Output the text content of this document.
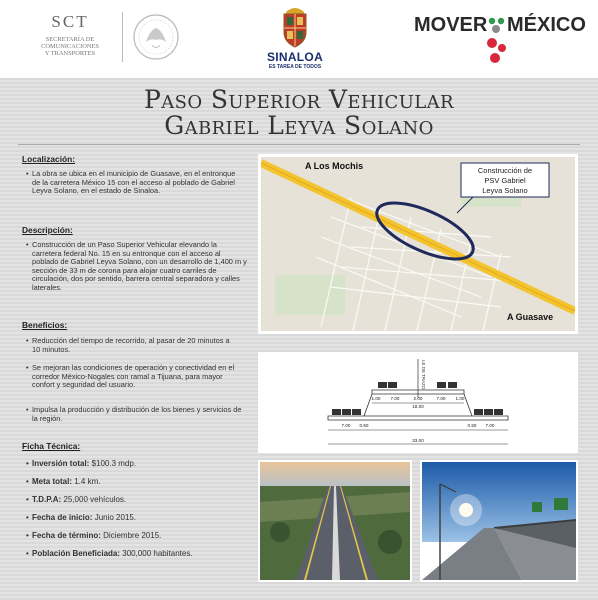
SCT
SECRETARÍA DE
COMUNICACIONES
Y TRANSPORTES	SINALOA
ES TAREA DE TODOS
MOVER MÉXICO
Paso Superior Vehicular
Gabriel Leyva Solano
Localización:
• La obra se ubica en el municipio de Guasave, en el entronque de la carretera México 15 con el acceso al poblado de Gabriel Leyva Solano, en el estado de Sinaloa.
Descripción:
• Construcción de un Paso Superior Vehicular elevando la carretera federal No. 15 en su entronque con el acceso al poblado de Gabriel Leyva Solano, con un desarrollo de 1,400 m y sección de 33 m de corona para alojar cuatro carriles de circulación, dos por sentido, barrera central separadora y calles laterales.
Beneficios:
• Reducción del tiempo de recorrido, al pasar de 20 minutos a 10 minutos.
• Se mejoran las condiciones de operación y conectividad en el corredor México-Nogales con ramal a Tijuana, para mayor confort y seguridad del usuario.
• Impulsa la producción y distribución de los bienes y servicios de la región.
Ficha Técnica:
• Inversión total: $100.3 mdp.
• Meta total: 1.4 km.
• T.D.P.A: 25,000 vehículos.
• Fecha de inicio: Junio 2015.
• Fecha de término: Diciembre 2015.
• Población Beneficiada: 300,000 habitantes.
Construcción de
PSV Gabriel
Leyva Solano
A Los Mochis
A Guasave
LE DE TRAZO
1.00 7.00	2.00	7.00 1.00
18.00
7.00 0.50	0.50 7.00
33.00
